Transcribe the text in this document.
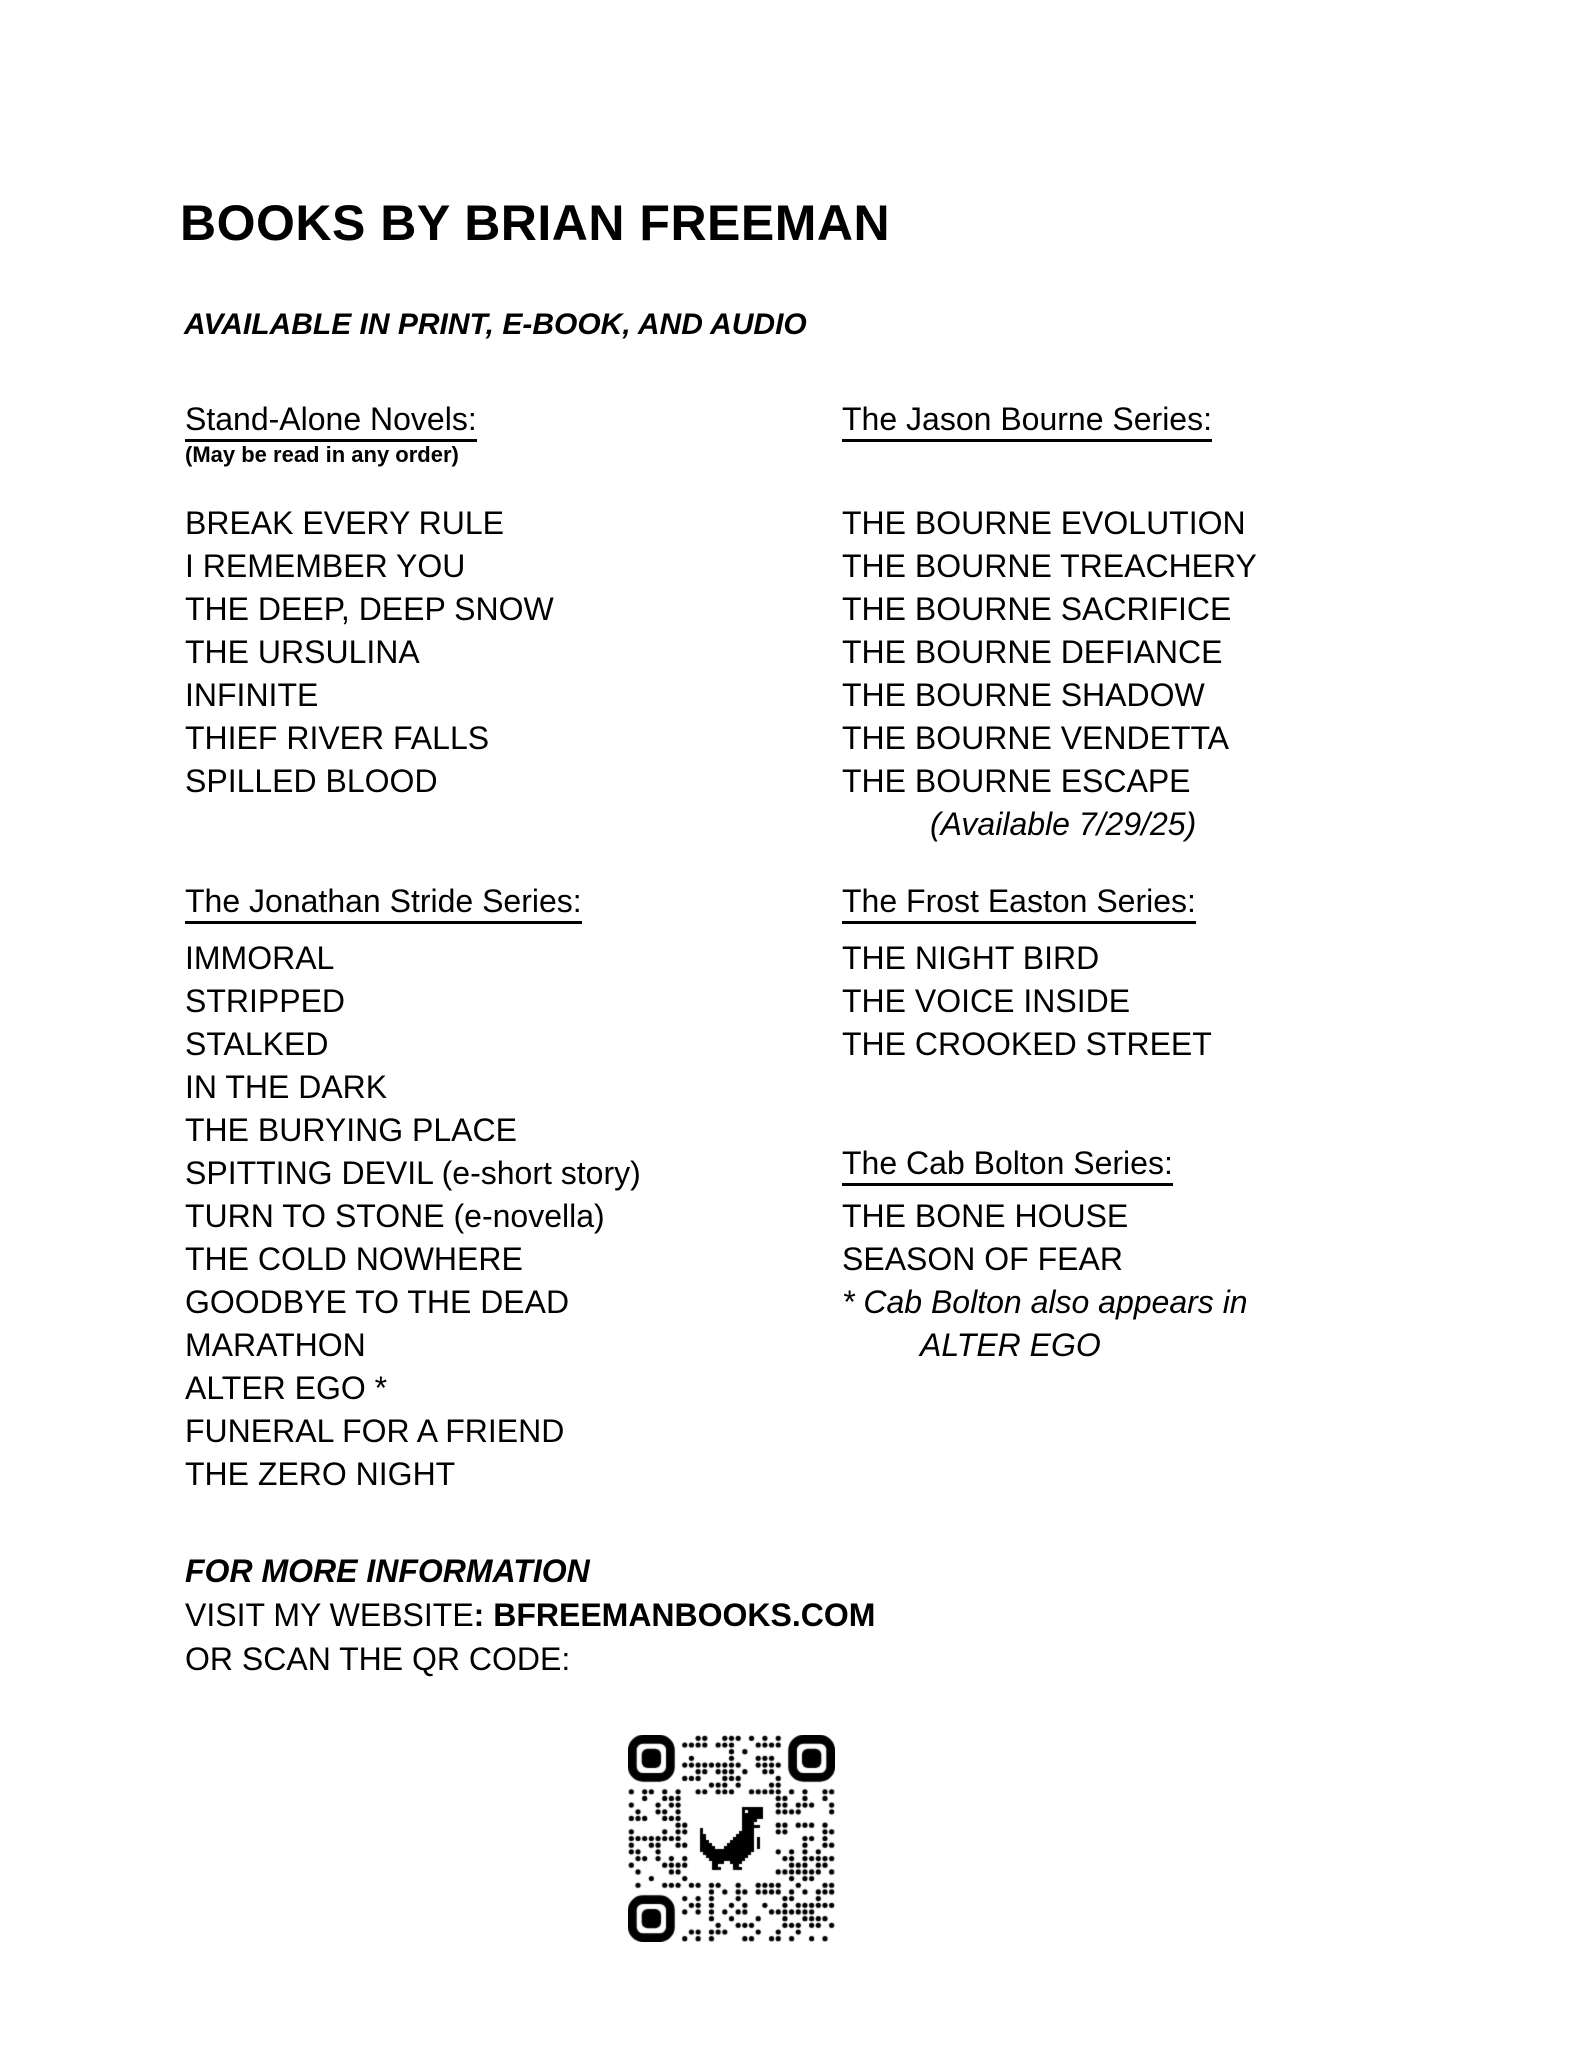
BOOKS BY BRIAN FREEMAN
AVAILABLE IN PRINT, E-BOOK, AND AUDIO
Stand-Alone Novels:
(May be read in any order)
BREAK EVERY RULE
I REMEMBER YOU
THE DEEP, DEEP SNOW
THE URSULINA
INFINITE
THIEF RIVER FALLS
SPILLED BLOOD
The Jason Bourne Series:
THE BOURNE EVOLUTION
THE BOURNE TREACHERY
THE BOURNE SACRIFICE
THE BOURNE DEFIANCE
THE BOURNE SHADOW
THE BOURNE VENDETTA
THE BOURNE ESCAPE
(Available 7/29/25)
The Jonathan Stride Series:
IMMORAL
STRIPPED
STALKED
IN THE DARK
THE BURYING PLACE
SPITTING DEVIL (e-short story)
TURN TO STONE (e-novella)
THE COLD NOWHERE
GOODBYE TO THE DEAD
MARATHON
ALTER EGO *
FUNERAL FOR A FRIEND
THE ZERO NIGHT
The Frost Easton Series:
THE NIGHT BIRD
THE VOICE INSIDE
THE CROOKED STREET
The Cab Bolton Series:
THE BONE HOUSE
SEASON OF FEAR
* Cab Bolton also appears in
ALTER EGO
FOR MORE INFORMATION
VISIT MY WEBSITE: BFREEMANBOOKS.COM
OR SCAN THE QR CODE:
